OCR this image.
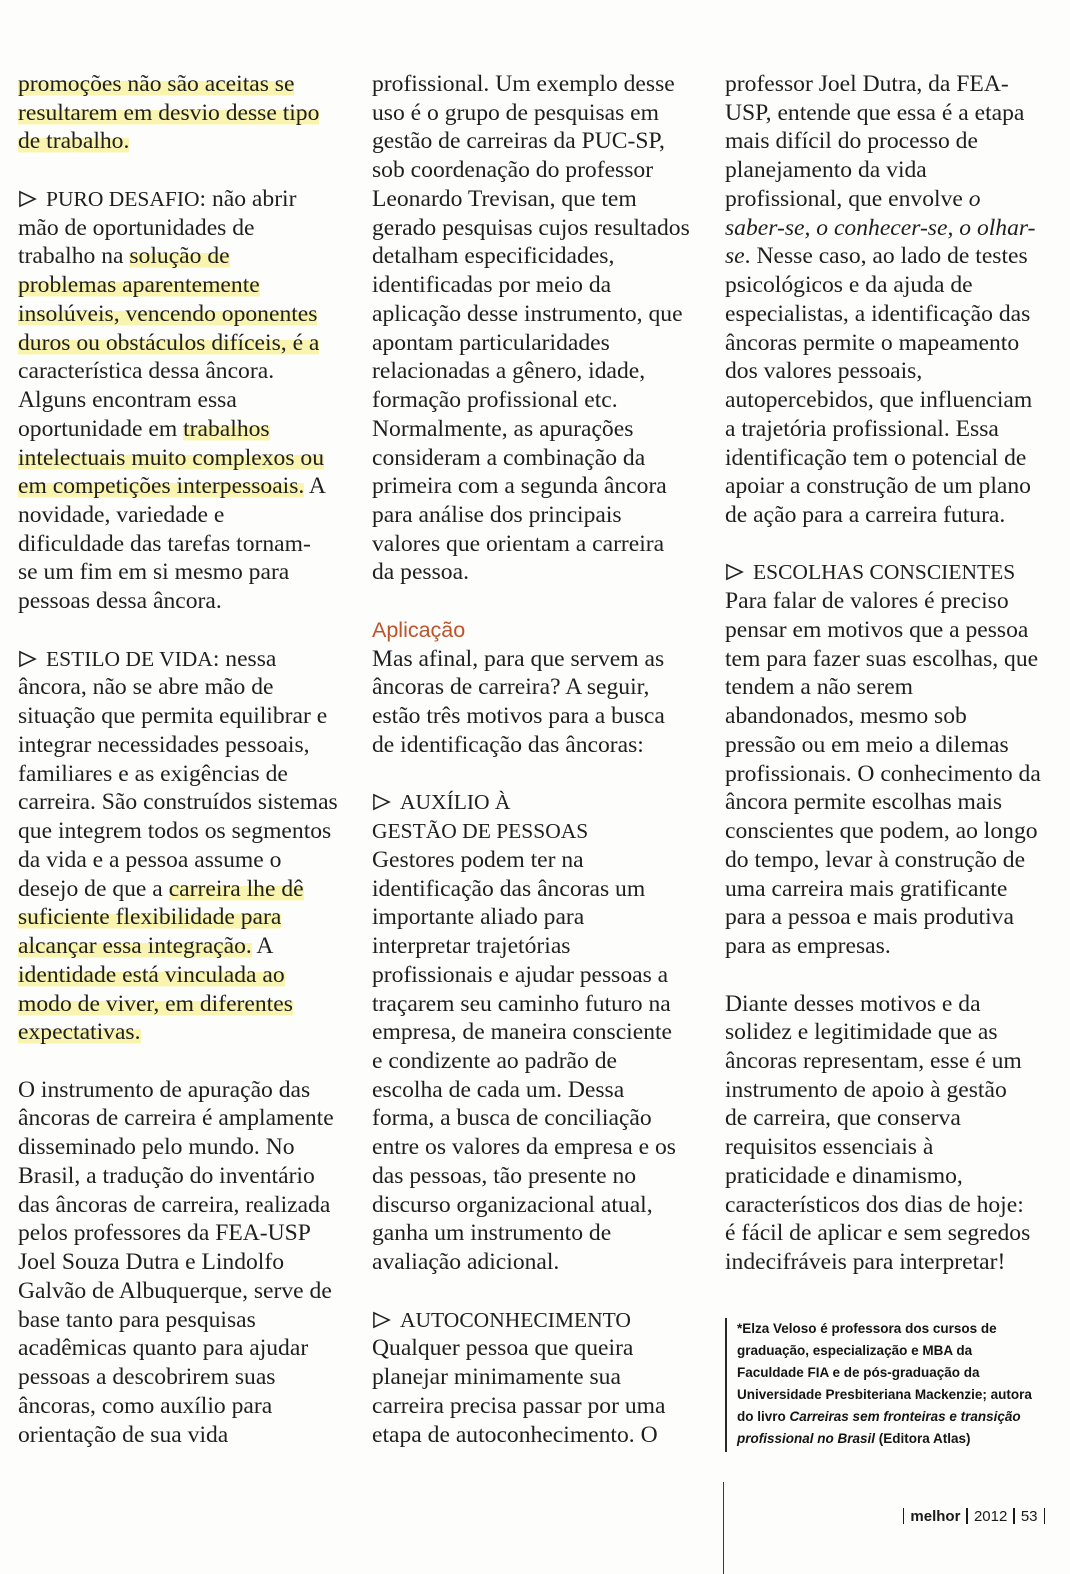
promoções não são aceitas se
resultarem em desvio desse tipo
de trabalho.
PURO DESAFIO: não abrir
mão de oportunidades de
trabalho na solução de
problemas aparentemente
insolúveis, vencendo oponentes
duros ou obstáculos difíceis, é a
característica dessa âncora.
Alguns encontram essa
oportunidade em trabalhos
intelectuais muito complexos ou
em competições interpessoais. A
novidade, variedade e
dificuldade das tarefas tornam-
se um fim em si mesmo para
pessoas dessa âncora.
ESTILO DE VIDA: nessa
âncora, não se abre mão de
situação que permita equilibrar e
integrar necessidades pessoais,
familiares e as exigências de
carreira. São construídos sistemas
que integrem todos os segmentos
da vida e a pessoa assume o
desejo de que a carreira lhe dê
suficiente flexibilidade para
alcançar essa integração. A
identidade está vinculada ao
modo de viver, em diferentes
expectativas.
O instrumento de apuração das
âncoras de carreira é amplamente
disseminado pelo mundo. No
Brasil, a tradução do inventário
das âncoras de carreira, realizada
pelos professores da FEA-USP
Joel Souza Dutra e Lindolfo
Galvão de Albuquerque, serve de
base tanto para pesquisas
acadêmicas quanto para ajudar
pessoas a descobrirem suas
âncoras, como auxílio para
orientação de sua vida
profissional. Um exemplo desse
uso é o grupo de pesquisas em
gestão de carreiras da PUC-SP,
sob coordenação do professor
Leonardo Trevisan, que tem
gerado pesquisas cujos resultados
detalham especificidades,
identificadas por meio da
aplicação desse instrumento, que
apontam particularidades
relacionadas a gênero, idade,
formação profissional etc.
Normalmente, as apurações
consideram a combinação da
primeira com a segunda âncora
para análise dos principais
valores que orientam a carreira
da pessoa.
Aplicação
Mas afinal, para que servem as
âncoras de carreira? A seguir,
estão três motivos para a busca
de identificação das âncoras:
AUXÍLIO À
GESTÃO DE PESSOAS
Gestores podem ter na
identificação das âncoras um
importante aliado para
interpretar trajetórias
profissionais e ajudar pessoas a
traçarem seu caminho futuro na
empresa, de maneira consciente
e condizente ao padrão de
escolha de cada um. Dessa
forma, a busca de conciliação
entre os valores da empresa e os
das pessoas, tão presente no
discurso organizacional atual,
ganha um instrumento de
avaliação adicional.
AUTOCONHECIMENTO
Qualquer pessoa que queira
planejar minimamente sua
carreira precisa passar por uma
etapa de autoconhecimento. O
professor Joel Dutra, da FEA-
USP, entende que essa é a etapa
mais difícil do processo de
planejamento da vida
profissional, que envolve o
saber-se, o conhecer-se, o olhar-
se. Nesse caso, ao lado de testes
psicológicos e da ajuda de
especialistas, a identificação das
âncoras permite o mapeamento
dos valores pessoais,
autopercebidos, que influenciam
a trajetória profissional. Essa
identificação tem o potencial de
apoiar a construção de um plano
de ação para a carreira futura.
ESCOLHAS CONSCIENTES
Para falar de valores é preciso
pensar em motivos que a pessoa
tem para fazer suas escolhas, que
tendem a não serem
abandonados, mesmo sob
pressão ou em meio a dilemas
profissionais. O conhecimento da
âncora permite escolhas mais
conscientes que podem, ao longo
do tempo, levar à construção de
uma carreira mais gratificante
para a pessoa e mais produtiva
para as empresas.
Diante desses motivos e da
solidez e legitimidade que as
âncoras representam, esse é um
instrumento de apoio à gestão
de carreira, que conserva
requisitos essenciais à
praticidade e dinamismo,
característicos dos dias de hoje:
é fácil de aplicar e sem segredos
indecifráveis para interpretar!
*Elza Veloso é professora dos cursos de
graduação, especialização e MBA da
Faculdade FIA e de pós-graduação da
Universidade Presbiteriana Mackenzie; autora
do livro Carreiras sem fronteiras e transição
profissional no Brasil (Editora Atlas)
melhor 2012 53
